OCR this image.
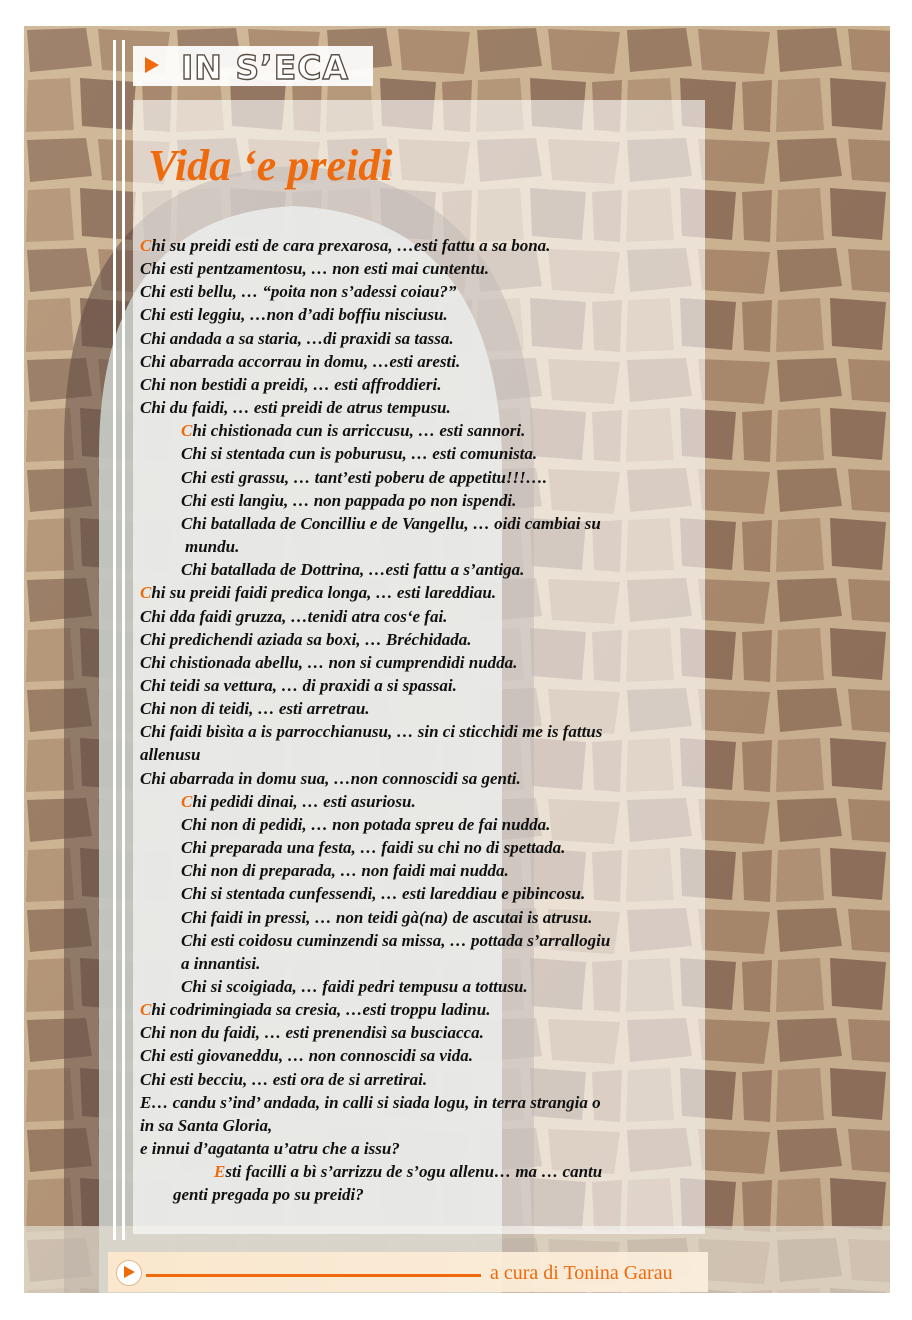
IN S’ECA
Vida ‘e preidi
Chi su preidi esti de cara prexarosa, …esti fattu a sa bona.
Chi esti pentzamentosu, … non esti mai cuntentu.
Chi esti bellu, … “poita non s’adessi coiau?”
Chi esti leggiu, …non d’adi boffiu nisciusu.
Chi andada a sa staria, …di praxidi sa tassa.
Chi abarrada accorrau in domu, …esti aresti.
Chi non bestidi a preidi, … esti affroddieri.
Chi du faidi, … esti preidi de atrus tempusu.
Chi chistionada cun is arriccusu, … esti sannori.
Chi si stentada cun is poburusu, … esti comunista.
Chi esti grassu, … tant’esti poberu de appetitu!!!….
Chi esti langiu, … non pappada po non ispendi.
Chi batallada de Concilliu e de Vangellu, … oidi cambiai su
mundu.
Chi batallada de Dottrina, …esti fattu a s’antiga.
Chi su preidi faidi predica longa, … esti lareddiau.
Chi dda faidi gruzza, …tenidi atra cos‘e fai.
Chi predichendi aziada sa boxi, … Bréchidada.
Chi chistionada abellu, … non si cumprendidi nudda.
Chi teidi sa vettura, … di praxidi a si spassai.
Chi non di teidi, … esti arretrau.
Chi faidi bisìta a is parrocchianusu, … sin ci sticchidi me is fattus
allenusu
Chi abarrada in domu sua, …non connoscidi sa genti.
Chi pedidi dinai, … esti asuriosu.
Chi non di pedidi, … non potada spreu de fai nudda.
Chi preparada una festa, … faidi su chi no di spettada.
Chi non di preparada, … non faidi mai nudda.
Chi si stentada cunfessendi, … esti lareddiau e pibincosu.
Chi faidi in pressi, … non teidi gà(na) de ascutai is atrusu.
Chi esti coidosu cuminzendi sa missa, … pottada s’arrallogiu
a innantisi.
Chi si scoigiada, … faidi pedri tempusu a tottusu.
Chi codrimingiada sa cresia, …esti troppu ladinu.
Chi non du faidi, … esti prenendisì sa busciacca.
Chi esti giovaneddu, … non connoscidi sa vida.
Chi esti becciu, … esti ora de si arretirai.
E… candu s’ind’ andada, in calli si siada logu, in terra strangia o
in sa Santa Gloria,
e innui d’agatanta u’atru che a issu?
Esti facilli a bì s’arrizzu de s’ogu allenu… ma … cantu
genti pregada po su preidi?
a cura di Tonina Garau
